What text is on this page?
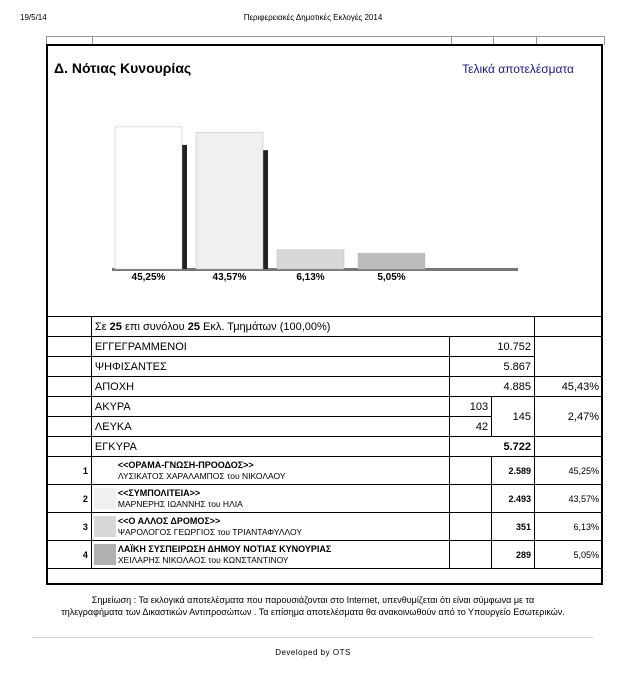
19/5/14	Περιφερειακές Δημοτικές Εκλογές 2014
Δ. Νότιας Κυνουρίας	Τελικά αποτελέσματα
45,25%	43,57%	6,13%	5,05%
	Σε 25 επι συνόλου 25 Εκλ. Τμημάτων (100,00%)			
	ΕΓΓΕΓΡΑΜΜΕΝΟΙ	10.752		
	ΨΗΦΙΣΑΝΤΕΣ	5.867		
	ΑΠΟΧΗ	4.885		45,43%
	ΑΚΥΡΑ	103	145	2,47%
	ΛΕΥΚΑ	42		
	ΕΓΚΥΡΑ	5.722		
1	<<ΟΡΑΜΑ-ΓΝΩΣΗ-ΠΡΟΟΔΟΣ>>
ΛΥΣΙΚΑΤΟΣ ΧΑΡΑΛΑΜΠΟΣ του ΝΙΚΟΛΑΟΥ		2.589	45,25%
2	<<ΣΥΜΠΟΛΙΤΕΙΑ>>
ΜΑΡΝΕΡΗΣ ΙΩΑΝΝΗΣ του ΗΛΙΑ		2.493	43,57%
3	<<Ο ΑΛΛΟΣ ΔΡΟΜΟΣ>>
ΨΑΡΟΛΟΓΟΣ ΓΕΩΡΓΙΟΣ του ΤΡΙΑΝΤΑΦΥΛΛΟΥ		351	6,13%
4	ΛΑΪΚΗ ΣΥΣΠΕΙΡΩΣΗ ΔΗΜΟΥ ΝΟΤΙΑΣ ΚΥΝΟΥΡΙΑΣ
ΧΕΙΛΑΡΗΣ ΝΙΚΟΛΑΟΣ του ΚΩΝΣΤΑΝΤΙΝΟΥ		289	5,05%
Σημείωση : Τα εκλογικά αποτελέσματα που παρουσιάζονται στο Internet, υπενθυμίζεται ότι είναι σύμφωνα με τα τηλεγραφήματα των Δικαστικών Αντιπροσώπων . Τα επίσημα αποτελέσματα θα ανακοινωθούν από το Υπουργείο Εσωτερικών.
Developed by OTS
